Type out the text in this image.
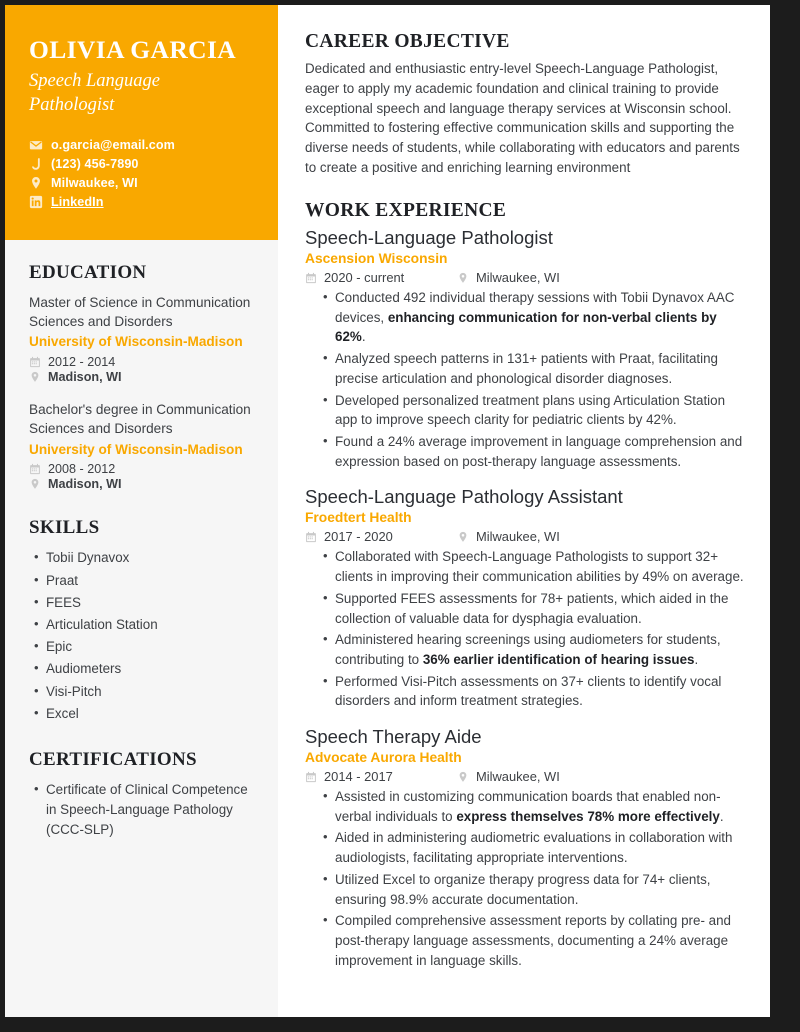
OLIVIA GARCIA
Speech Language Pathologist
o.garcia@email.com
(123) 456-7890
Milwaukee, WI
LinkedIn
EDUCATION
Master of Science in Communication Sciences and Disorders
University of Wisconsin-Madison
2012 - 2014
Madison, WI
Bachelor's degree in Communication Sciences and Disorders
University of Wisconsin-Madison
2008 - 2012
Madison, WI
SKILLS
• Tobii Dynavox
• Praat
• FEES
• Articulation Station
• Epic
• Audiometers
• Visi-Pitch
• Excel
CERTIFICATIONS
• Certificate of Clinical Competence in Speech-Language Pathology (CCC-SLP)
CAREER OBJECTIVE

Dedicated and enthusiastic entry-level Speech-Language Pathologist, eager to apply my academic foundation and clinical training to provide exceptional speech and language therapy services at Wisconsin school. Committed to fostering effective communication skills and supporting the diverse needs of students, while collaborating with educators and parents to create a positive and enriching learning environment

WORK EXPERIENCE
Speech-Language Pathologist
Ascension Wisconsin
2020 - current	Milwaukee, WI
• Conducted 492 individual therapy sessions with Tobii Dynavox AAC devices, enhancing communication for non-verbal clients by 62%.
• Analyzed speech patterns in 131+ patients with Praat, facilitating precise articulation and phonological disorder diagnoses.
• Developed personalized treatment plans using Articulation Station app to improve speech clarity for pediatric clients by 42%.
• Found a 24% average improvement in language comprehension and expression based on post-therapy language assessments.
Speech-Language Pathology Assistant
Froedtert Health
2017 - 2020	Milwaukee, WI
• Collaborated with Speech-Language Pathologists to support 32+ clients in improving their communication abilities by 49% on average.
• Supported FEES assessments for 78+ patients, which aided in the collection of valuable data for dysphagia evaluation.
• Administered hearing screenings using audiometers for students, contributing to 36% earlier identification of hearing issues.
• Performed Visi-Pitch assessments on 37+ clients to identify vocal disorders and inform treatment strategies.
Speech Therapy Aide
Advocate Aurora Health
2014 - 2017	Milwaukee, WI
• Assisted in customizing communication boards that enabled non-verbal individuals to express themselves 78% more effectively.
• Aided in administering audiometric evaluations in collaboration with audiologists, facilitating appropriate interventions.
• Utilized Excel to organize therapy progress data for 74+ clients, ensuring 98.9% accurate documentation.
• Compiled comprehensive assessment reports by collating pre- and post-therapy language assessments, documenting a 24% average improvement in language skills.
